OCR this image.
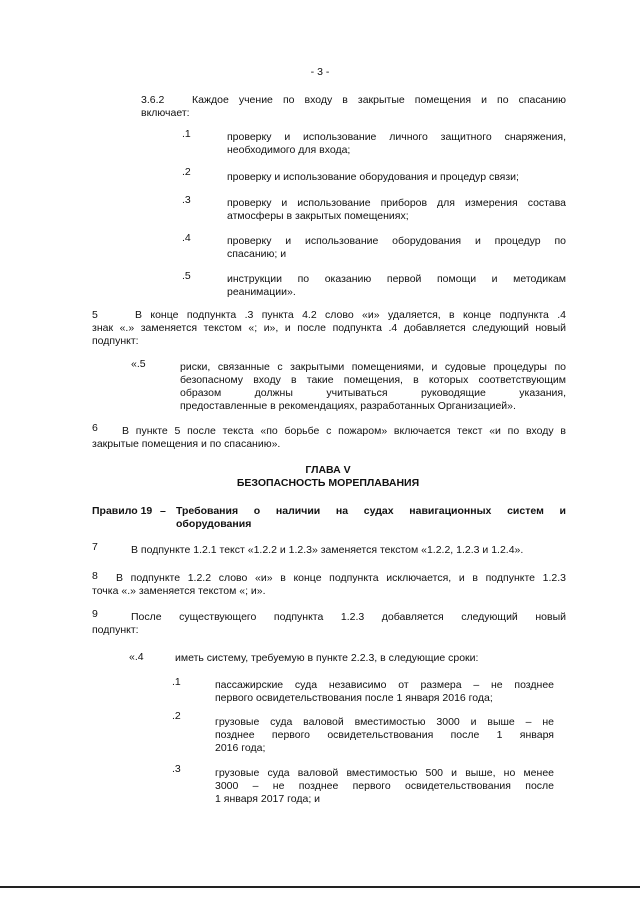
- 3 -
3.6.2	Каждое учение по входу в закрытые помещения и по спасанию
включает:
.1	проверку и использование личного защитного снаряжения,
необходимого для входа;
.2	проверку и использование оборудования и процедур связи;
.3	проверку и использование приборов для измерения состава
атмосферы в закрытых помещениях;
.4	проверку и использование оборудования и процедур по
спасанию; и
.5	инструкции по оказанию первой помощи и методикам
реанимации».
5	В конце подпункта .3 пункта 4.2 слово «и» удаляется, в конце подпункта .4
знак «.» заменяется текстом «; и», и после подпункта .4 добавляется следующий новый
подпункт:
«.5	риски, связанные с закрытыми помещениями, и судовые процедуры по
безопасному входу в такие помещения, в которых соответствующим
образом должны учитываться руководящие указания,
предоставленные в рекомендациях, разработанных Организацией».
6 В пункте 5 после текста «по борьбе с пожаром» включается текст «и по входу в
закрытые помещения и по спасанию».
ГЛАВА V
БЕЗОПАСНОСТЬ МОРЕПЛАВАНИЯ
Правило 19 – Требования о наличии на судах навигационных систем и
оборудования
7	В подпункте 1.2.1 текст «1.2.2 и 1.2.3» заменяется текстом «1.2.2, 1.2.3 и 1.2.4».
8 В подпункте 1.2.2 слово «и» в конце подпункта исключается, и в подпункте 1.2.3
точка «.» заменяется текстом «; и».
9	После существующего подпункта 1.2.3 добавляется следующий новый
подпункт:
«.4	иметь систему, требуемую в пункте 2.2.3, в следующие сроки:
.1	пассажирские суда независимо от размера – не позднее
первого освидетельствования после 1 января 2016 года;
.2	грузовые суда валовой вместимостью 3000 и выше – не
позднее первого освидетельствования после 1 января
2016 года;
.3	грузовые суда валовой вместимостью 500 и выше, но менее
3000 – не позднее первого освидетельствования после
1 января 2017 года; и
